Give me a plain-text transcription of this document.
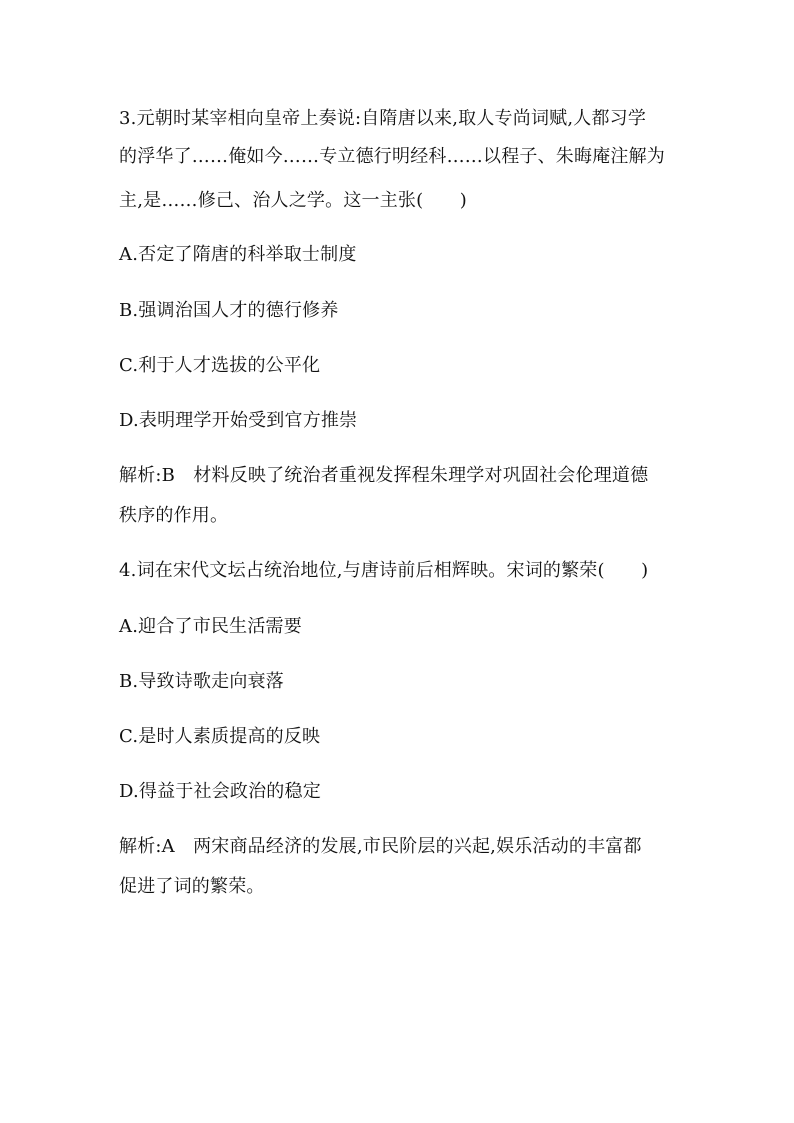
3.元朝时某宰相向皇帝上奏说:自隋唐以来,取人专尚词赋,人都习学
的浮华了……俺如今……专立德行明经科……以程子、朱晦庵注解为
主,是……修己、治人之学。这一主张(　　)
A.否定了隋唐的科举取士制度
B.强调治国人才的德行修养
C.利于人才选拔的公平化
D.表明理学开始受到官方推崇
解析:B　材料反映了统治者重视发挥程朱理学对巩固社会伦理道德
秩序的作用。
4.词在宋代文坛占统治地位,与唐诗前后相辉映。宋词的繁荣(　　)
A.迎合了市民生活需要
B.导致诗歌走向衰落
C.是时人素质提高的反映
D.得益于社会政治的稳定
解析:A　两宋商品经济的发展,市民阶层的兴起,娱乐活动的丰富都
促进了词的繁荣。
